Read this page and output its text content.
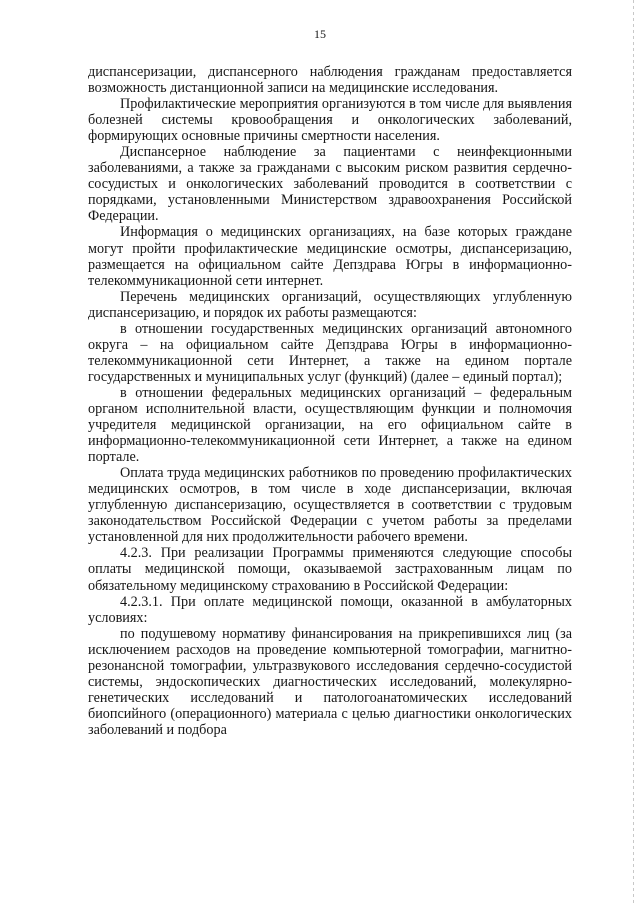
15

диспансеризации, диспансерного наблюдения гражданам предоставляется возможность дистанционной записи на медицинские исследования.

Профилактические мероприятия организуются в том числе для выявления болезней системы кровообращения и онкологических заболеваний, формирующих основные причины смертности населения.

Диспансерное наблюдение за пациентами с неинфекционными заболеваниями, а также за гражданами с высоким риском развития сердечно-сосудистых и онкологических заболеваний проводится в соответствии с порядками, установленными Министерством здравоохранения Российской Федерации.

Информация о медицинских организациях, на базе которых граждане могут пройти профилактические медицинские осмотры, диспансеризацию, размещается на официальном сайте Депздрава Югры в информационно-телекоммуникационной сети интернет.

Перечень медицинских организаций, осуществляющих углубленную диспансеризацию, и порядок их работы размещаются:

в отношении государственных медицинских организаций автономного округа – на официальном сайте Депздрава Югры в информационно-телекоммуникационной сети Интернет, а также на едином портале государственных и муниципальных услуг (функций) (далее – единый портал);

в отношении федеральных медицинских организаций – федеральным органом исполнительной власти, осуществляющим функции и полномочия учредителя медицинской организации, на его официальном сайте в информационно-телекоммуникационной сети Интернет, а также на едином портале.

Оплата труда медицинских работников по проведению профилактических медицинских осмотров, в том числе в ходе диспансеризации, включая углубленную диспансеризацию, осуществляется в соответствии с трудовым законодательством Российской Федерации с учетом работы за пределами установленной для них продолжительности рабочего времени.

4.2.3. При реализации Программы применяются следующие способы оплаты медицинской помощи, оказываемой застрахованным лицам по обязательному медицинскому страхованию в Российской Федерации:

4.2.3.1. При оплате медицинской помощи, оказанной в амбулаторных условиях:

по подушевому нормативу финансирования на прикрепившихся лиц (за исключением расходов на проведение компьютерной томографии, магнитно-резонансной томографии, ультразвукового исследования сердечно-сосудистой системы, эндоскопических диагностических исследований, молекулярно-генетических исследований и патологоанатомических исследований биопсийного (операционного) материала с целью диагностики онкологических заболеваний и подбора
